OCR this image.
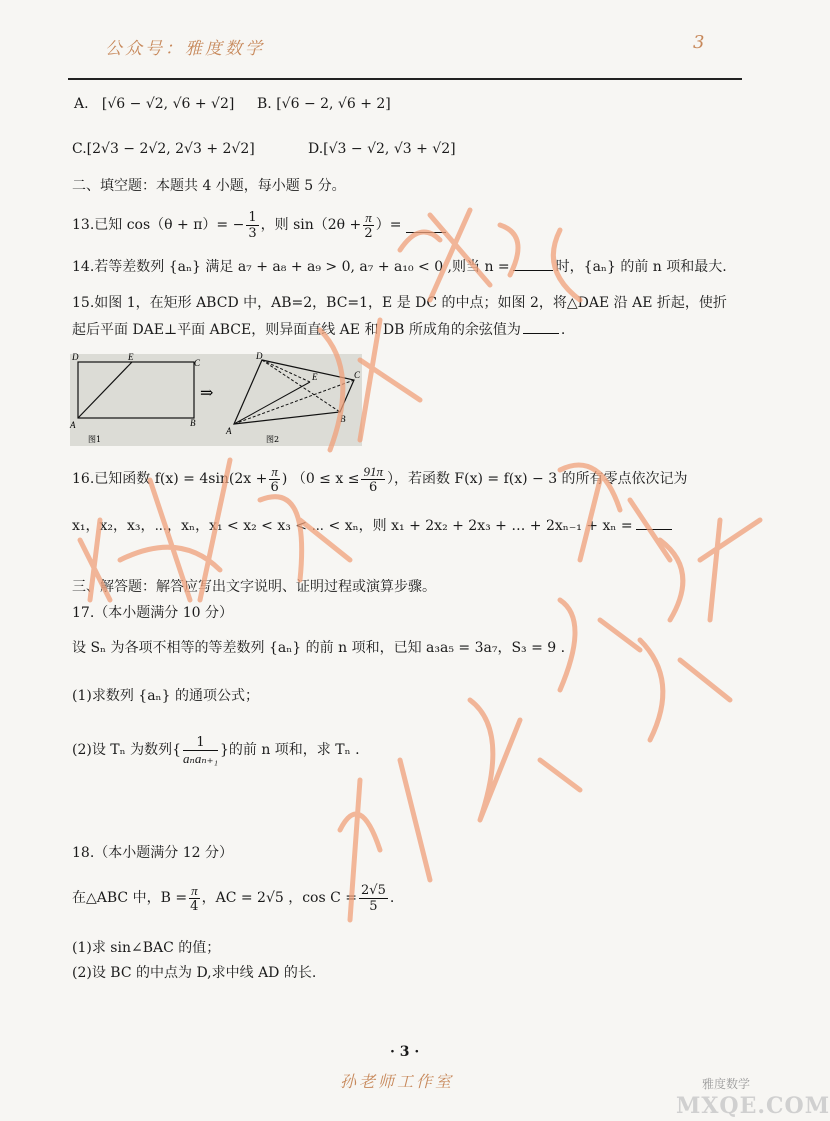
公众号：雅度数学	3
A. [√6 − √2, √6 + √2] B. [√6 − 2, √6 + 2]
C.[2√3 − 2√2, 2√3 + 2√2]	D.[√3 − √2, √3 + √2]
二、填空题：本题共 4 小题，每小题 5 分。
13.已知 $\cos(\theta + \pi)= - \frac{1}{3}$ ，则 $\sin(2\theta + \frac{\pi}{2}$ ）=
14.若等差数列 {aₙ} 满足 a₇ + a₈ + a₉ > 0, a₇ + a₁₀ < 0 ,则当 n =	时，{aₙ} 的前 n 项和最大.
15.如图 1，在矩形 ABCD 中，AB=2，BC=1，E 是 DC 的中点；如图 2，将△DAE 沿 AE 折起，使折
起后平面 DAE⊥平面 ABCE，则异面直线 AE 和 DB 所成角的余弦值为	.
D	E
C
A	B
图1
⇒
D
E	C
A
B
图2
16.已知函数 $f(x) = 4\sin(2x + \frac{\pi}{6}$ ) （$0 \le x \le \frac{91\pi}{6}$ ），若函数 F(x) = f(x) − 3 的所有零点依次记为
x₁，x₂，x₃，⋯，xₙ，x₁ < x₂ < x₃ < ⋯ < xₙ，则 x₁ + 2x₂ + 2x₃ + … + 2xₙ₋₁ + xₙ =
三、解答题：解答应写出文字说明、证明过程或演算步骤。
17.（本小题满分 10 分）
设 Sₙ 为各项不相等的等差数列 {aₙ} 的前 n 项和，已知 a₃a₅ = 3a₇，S₃ = 9 .
(1)求数列 {aₙ} 的通项公式；
(2)设 Tₙ 为数列{ $\frac{1}{\text{aₙaₙ₊₁}}$ }的前 n 项和，求 Tₙ .
18.（本小题满分 12 分）
在△ABC 中，$B = \frac{\pi}{4}$ ，AC = 2√5 ，$\cos C = \frac{2√5}{5}$ .
(1)求 sin∠BAC 的值；
(2)设 BC 的中点为 D,求中线 AD 的长.
· 3 ·
孙老师工作室	雅度数学
MXQE.COM
